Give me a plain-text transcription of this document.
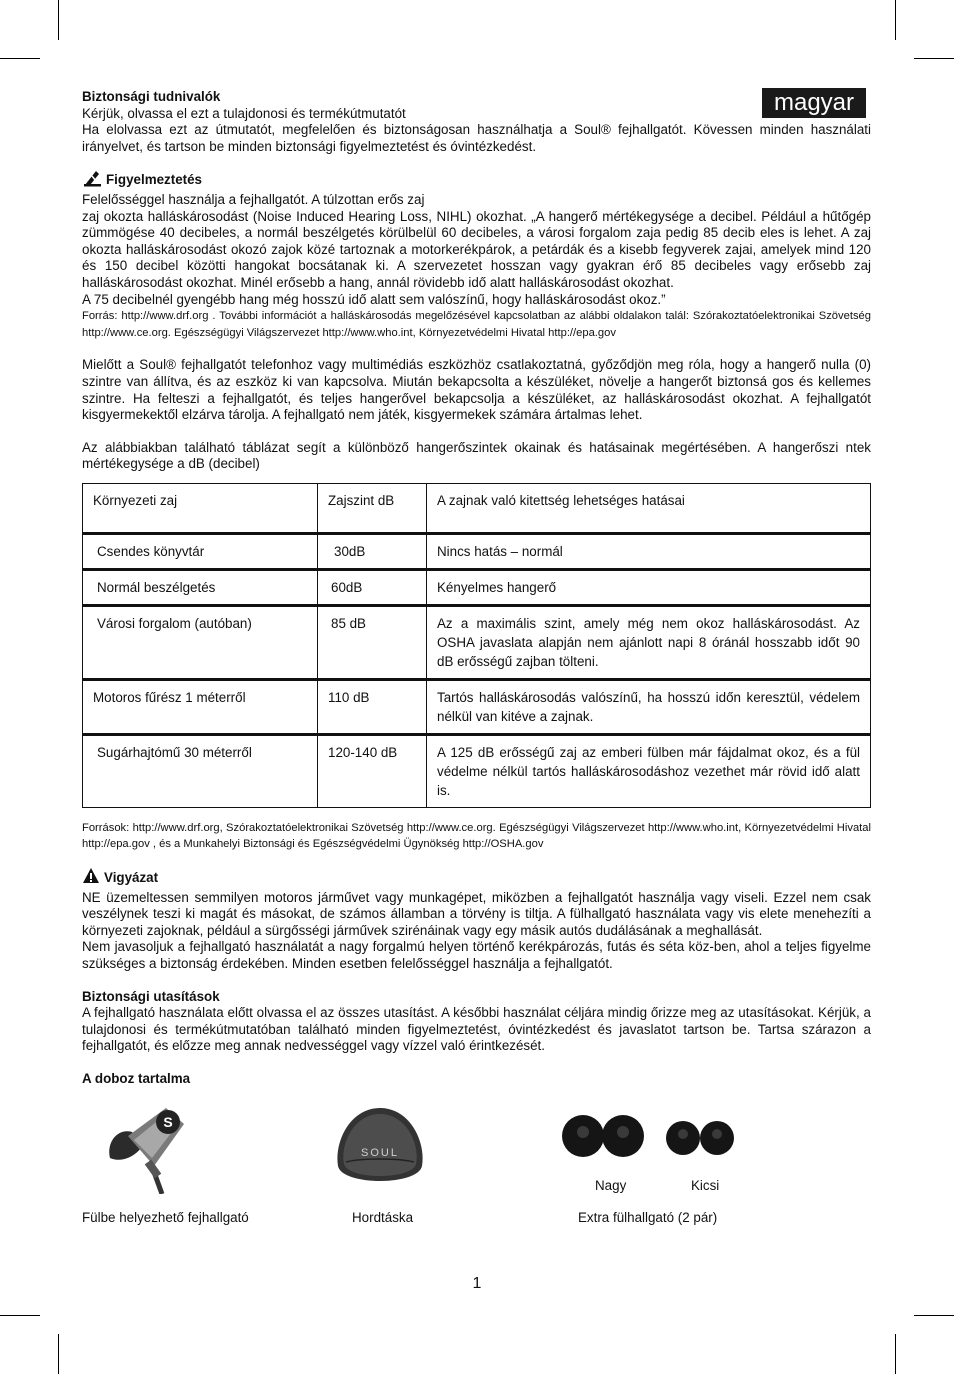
magyar

Biztonsági tudnivalók

Kérjük, olvassa el ezt a tulajdonosi és termékútmutatót

Ha elolvassa ezt az útmutatót, megfelelően és biztonságosan használhatja a Soul® fejhallgatót. Kövessen minden használati irányelvet, és tartson be minden biztonsági figyelmeztetést és óvintézkedést.

Figyelmeztetés

Felelősséggel használja a fejhallgatót. A túlzottan erős zaj

zaj okozta halláskárosodást (Noise Induced Hearing Loss, NIHL) okozhat. „A hangerő mértékegysége a decibel. Például a hűtőgép zümmögése 40 decibeles, a normál beszélgetés körülbelül 60 decibeles, a városi forgalom zaja pedig 85 decib eles is lehet. A zaj okozta halláskárosodást okozó zajok közé tartoznak a motorkerékpárok, a petárdák és a kisebb fegyverek zajai, amelyek mind 120 és 150 decibel közötti hangokat bocsátanak ki. A szervezetet hosszan vagy gyakran érő 85 decibeles vagy erősebb zaj halláskárosodást okozhat. Minél erősebb a hang, annál rövidebb idő alatt halláskárosodást okozhat.

A 75 decibelnél gyengébb hang még hosszú idő alatt sem valószínű, hogy halláskárosodást okoz.”

Forrás: http://www.drf.org . További információt a halláskárosodás megelőzésével kapcsolatban az alábbi oldalakon talál: Szórakoztatóelektronikai Szövetség http://www.ce.org. Egészségügyi Világszervezet http://www.who.int, Környezetvédelmi Hivatal http://epa.gov

Mielőtt a Soul® fejhallgatót telefonhoz vagy multimédiás eszközhöz csatlakoztatná, győződjön meg róla, hogy a hangerő nulla (0) szintre van állítva, és az eszköz ki van kapcsolva. Miután bekapcsolta a készüléket, növelje a hangerőt biztonsá gos és kellemes szintre. Ha felteszi a fejhallgatót, és teljes hangerővel bekapcsolja a készüléket, az halláskárosodást okozhat. A fejhallgatót kisgyermekektől elzárva tárolja. A fejhallgató nem játék, kisgyermekek számára ártalmas lehet.

Az alábbiakban található táblázat segít a különböző hangerőszintek okainak és hatásainak megértésében. A hangerőszi ntek mértékegysége a dB (decibel)

Környezeti zaj	Zajszint dB	A zajnak való kitettség lehetséges hatásai
Csendes könyvtár	30dB	Nincs hatás – normál
Normál beszélgetés	60dB	Kényelmes hangerő
Városi forgalom (autóban)	85 dB	Az a maximális szint, amely még nem okoz halláskárosodást. Az OSHA javaslata alapján nem ajánlott napi 8 óránál hosszabb időt 90 dB erősségű zajban tölteni.
Motoros fűrész 1 méterről	110 dB	Tartós halláskárosodás valószínű, ha hosszú időn keresztül, védelem nélkül van kitéve a zajnak.
Sugárhajtómű 30 méterről	120-140 dB	A 125 dB erősségű zaj az emberi fülben már fájdalmat okoz, és a fül védelme nélkül tartós halláskárosodáshoz vezethet már rövid idő alatt is.

Források: http://www.drf.org, Szórakoztatóelektronikai Szövetség http://www.ce.org. Egészségügyi Világszervezet http://www.who.int, Környezetvédelmi Hivatal http://epa.gov , és a Munkahelyi Biztonsági és Egészségvédelmi Ügynökség http://OSHA.gov

Vigyázat

NE üzemeltessen semmilyen motoros járművet vagy munkagépet, miközben a fejhallgatót használja vagy viseli. Ezzel nem csak veszélynek teszi ki magát és másokat, de számos államban a törvény is tiltja. A fülhallgató használata vagy vis elete menehezíti a környezeti zajoknak, például a sürgősségi járművek szirénáinak vagy egy másik autós dudálásának a meghallását.

Nem javasoljuk a fejhallgató használatát a nagy forgalmú helyen történő kerékpározás, futás és séta köz-ben, ahol a teljes figyelme szükséges a biztonság érdekében. Minden esetben felelősséggel használja a fejhallgatót.

Biztonsági utasítások

A fejhallgató használata előtt olvassa el az összes utasítást. A későbbi használat céljára mindig őrizze meg az utasításokat. Kérjük, a tulajdonosi és termékútmutatóban található minden figyelmeztetést, óvintézkedést és javaslatot tartson be. Tartsa szárazon a fejhallgatót, és előzze meg annak nedvességgel vagy vízzel való érintkezését.

A doboz tartalma

S
Fülbe helyezhető fejhallgató
SOUL
Hordtáska
Nagy	Kicsi
Extra fülhallgató (2 pár)
1
